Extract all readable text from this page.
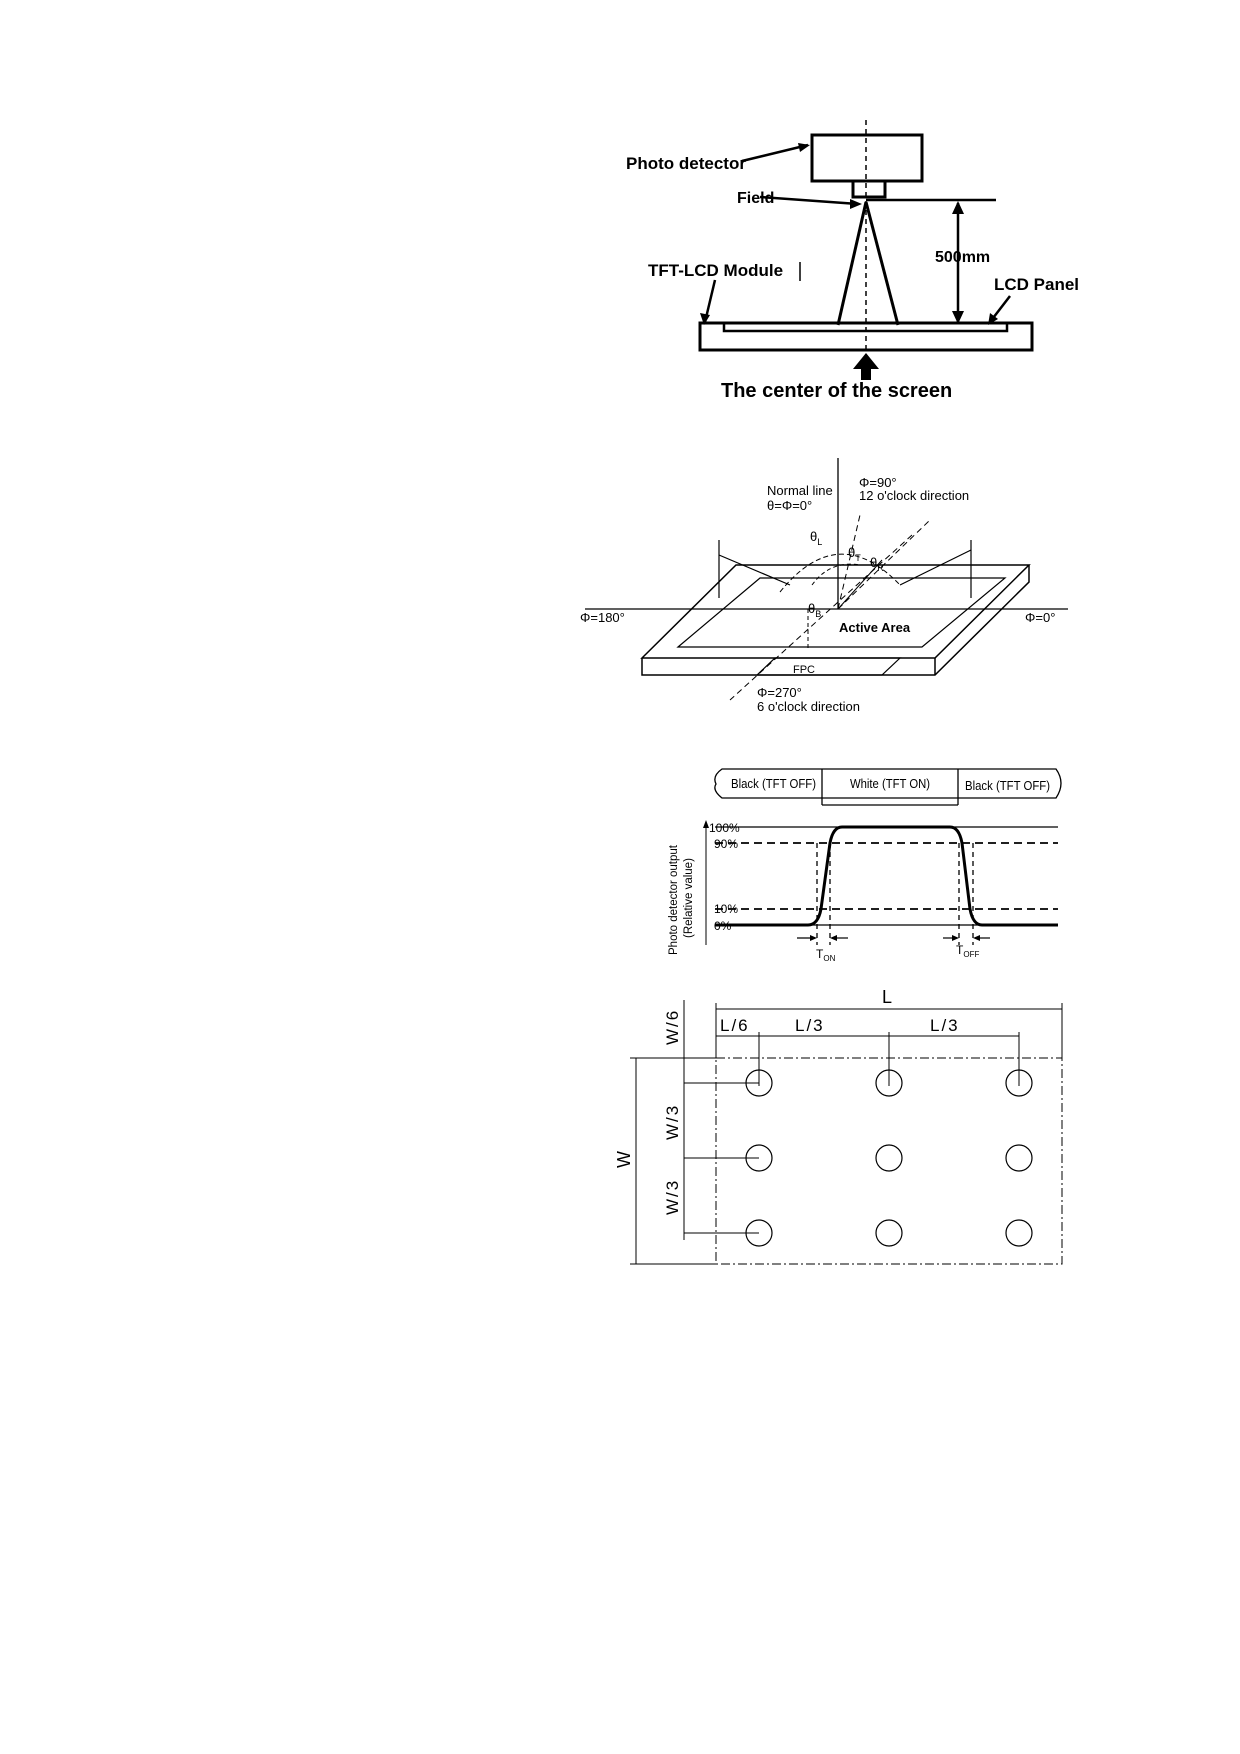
Photo detector
Field
500mm
TFT-LCD Module
LCD Panel
The center of the screen
Φ=90°
12 o'clock direction
Normal line
θ=Φ=0°
$\theta_L$
$\theta_T$ $\theta_R$
$\theta_B$
Φ=180°	Φ=0°
Active Area
FPC
Φ=270°
6 o'clock direction
Black (TFT OFF)	White (TFT ON)	Black (TFT OFF)
100%
90%
10%
0%
Photo detector output (Relative value)
$T_{ON}$
$T_{OFF}$
L
L/6	L/3	L/3
W/6
W/3
W/3
W
